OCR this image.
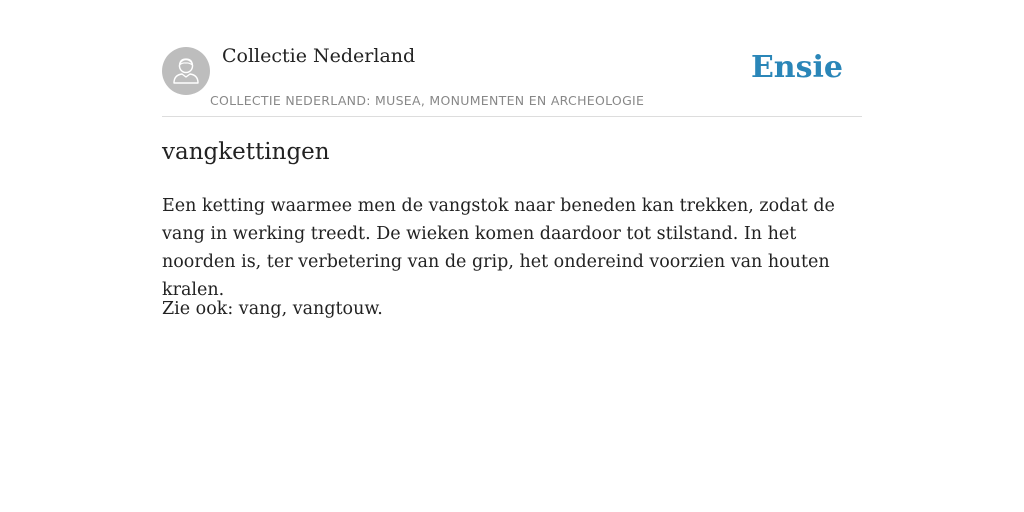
Collectie Nederland
COLLECTIE NEDERLAND: MUSEA, MONUMENTEN EN ARCHEOLOGIE
Ensie
vangkettingen

Een ketting waarmee men de vangstok naar beneden kan trekken, zodat de vang in werking treedt. De wieken komen daardoor tot stilstand. In het noorden is, ter verbetering van de grip, het ondereind voorzien van houten kralen.

Zie ook: vang, vangtouw.
